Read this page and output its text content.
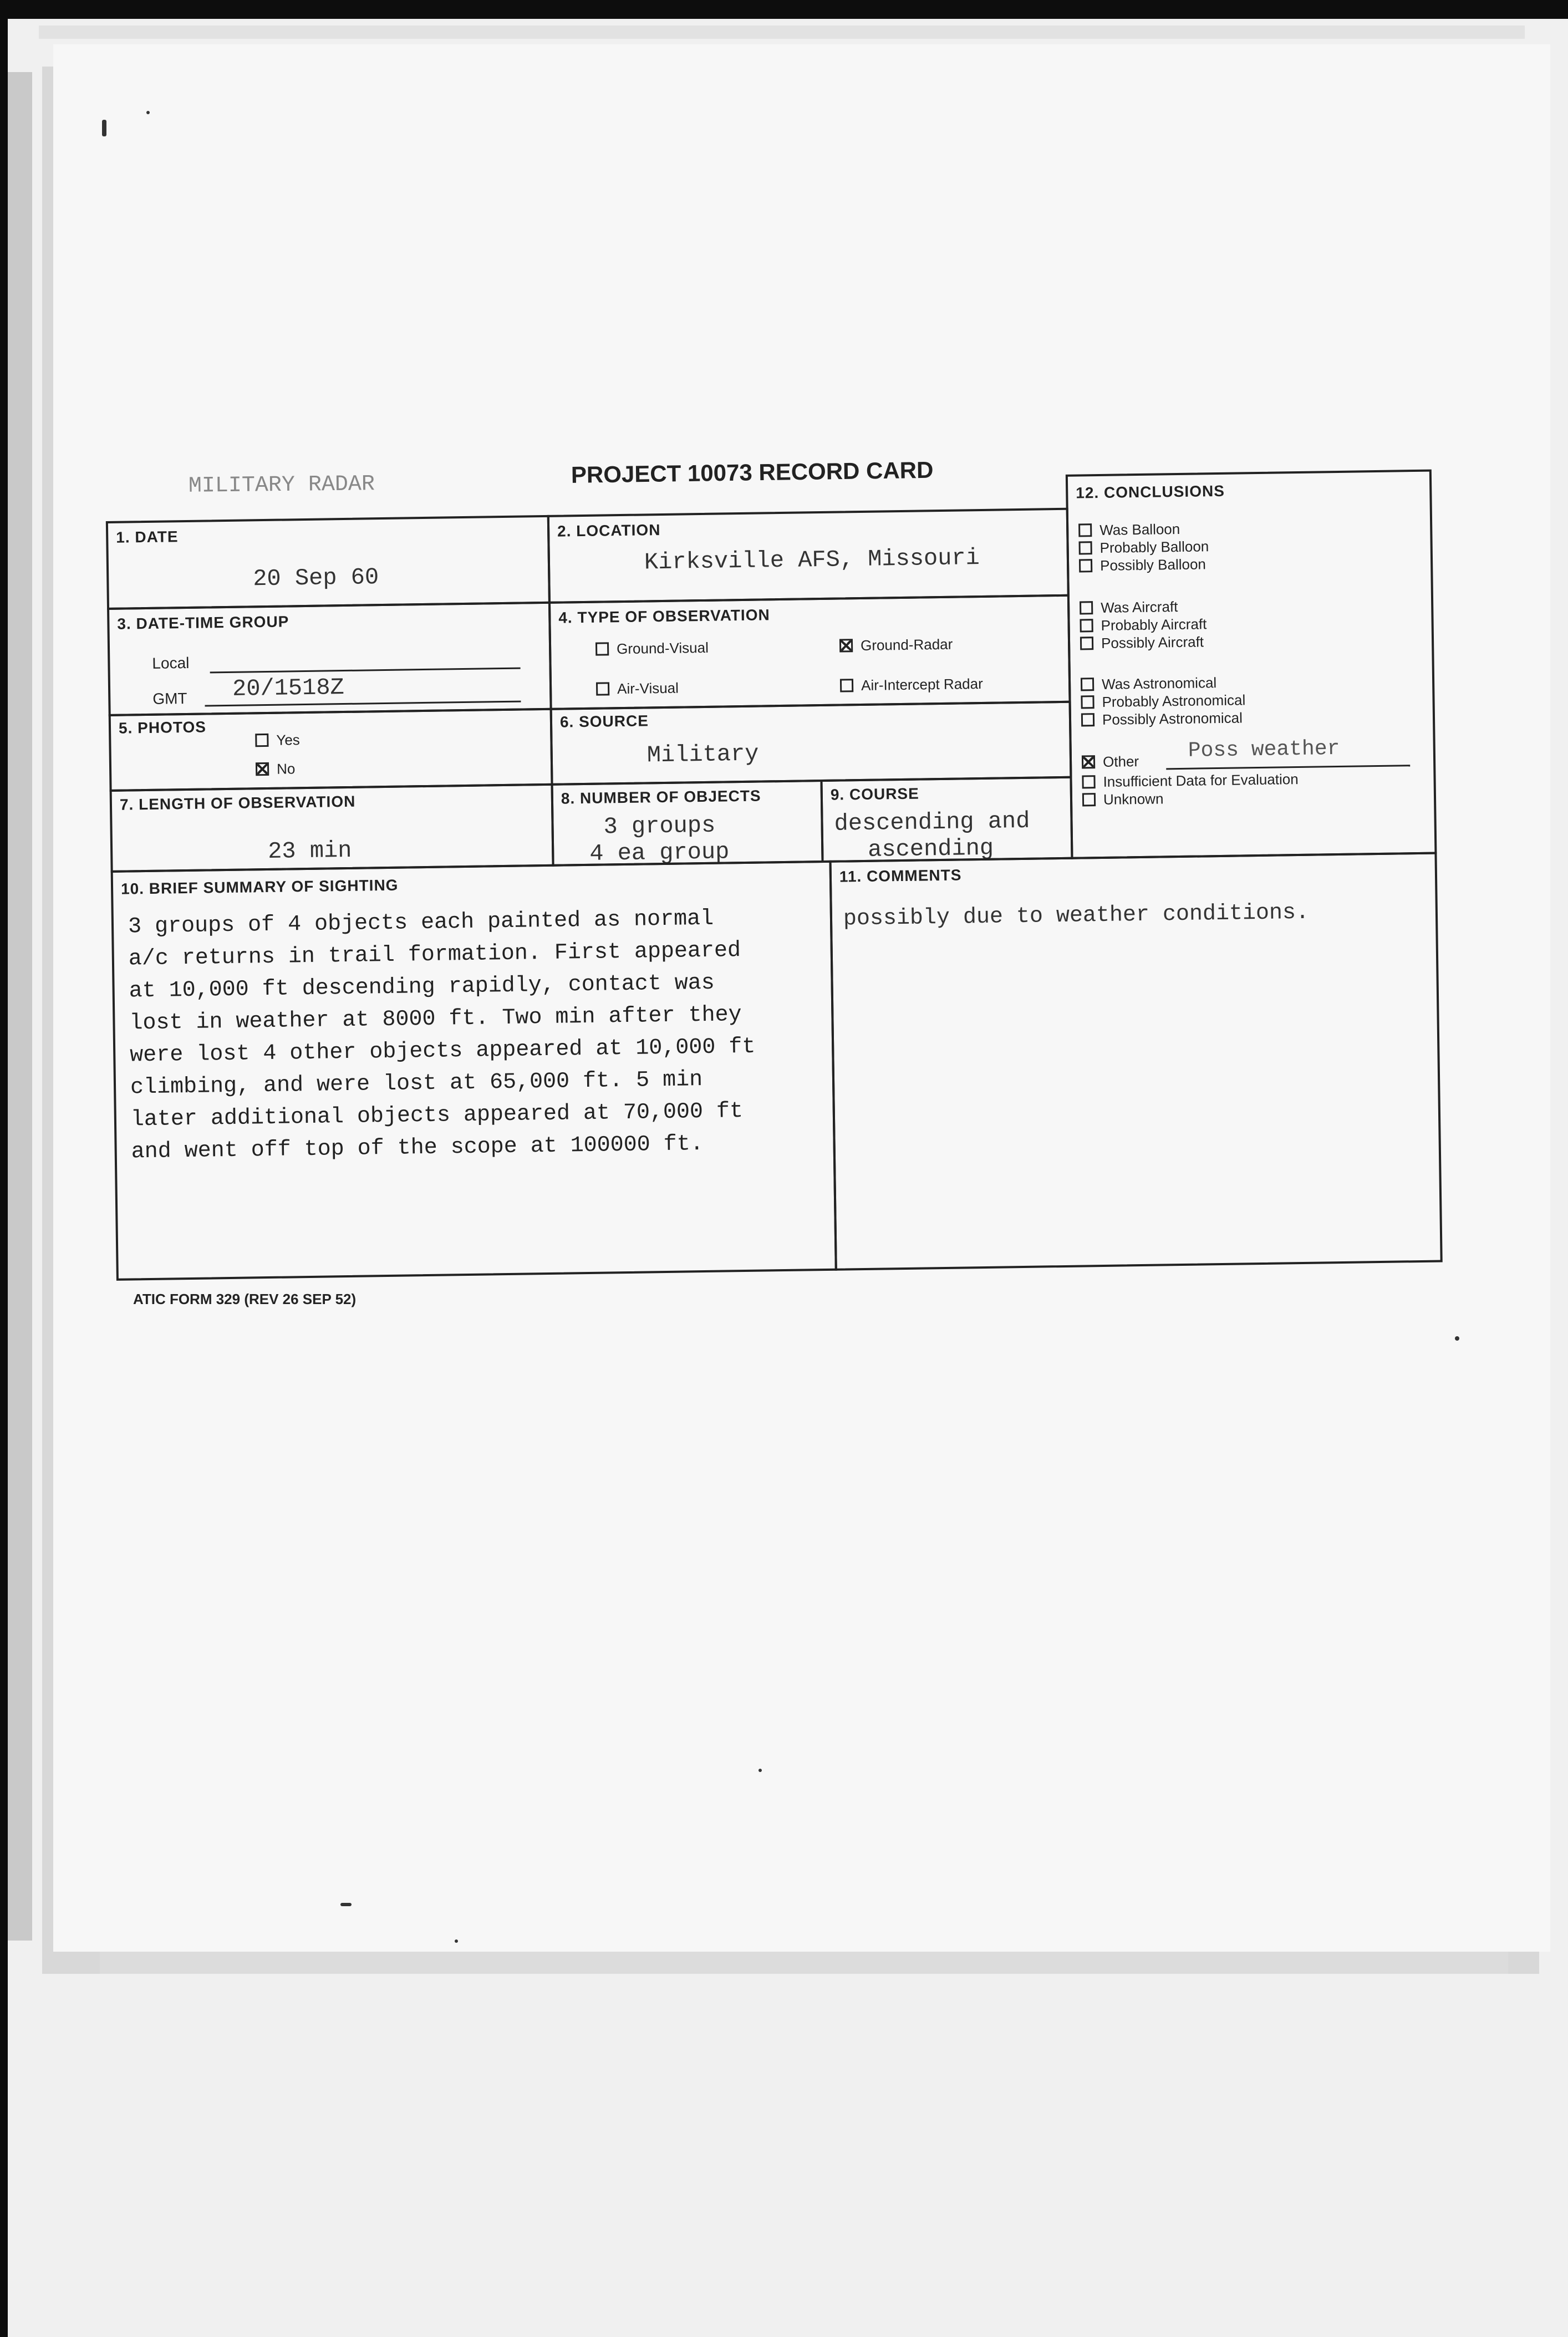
MILITARY RADAR	PROJECT 10073 RECORD CARD
1. DATE
20 Sep 60
2. LOCATION
Kirksville AFS, Missouri
3. DATE-TIME GROUP
Local
GMT 20/1518Z
4. TYPE OF OBSERVATION
Ground-Visual	Ground-Radar
Air-Visual	Air-Intercept Radar
5. PHOTOS
Yes
No
6. SOURCE
Military
7. LENGTH OF OBSERVATION
23 min
8. NUMBER OF OBJECTS
3 groups
4 ea group
9. COURSE
descending and
ascending
12. CONCLUSIONS
Was Balloon
Probably Balloon
Possibly Balloon
Was Aircraft
Probably Aircraft
Possibly Aircraft
Was Astronomical
Probably Astronomical
Possibly Astronomical
Other Poss weather
Insufficient Data for Evaluation
Unknown
10. BRIEF SUMMARY OF SIGHTING
3 groups of 4 objects each painted as normal
a/c returns in trail formation. First appeared
at 10,000 ft descending rapidly, contact was
lost in weather at 8000 ft. Two min after they
were lost 4 other objects appeared at 10,000 ft
climbing, and were lost at 65,000 ft. 5 min
later additional objects appeared at 70,000 ft
and went off top of the scope at 100000 ft.
11. COMMENTS
possibly due to weather conditions.
ATIC FORM 329 (REV 26 SEP 52)
